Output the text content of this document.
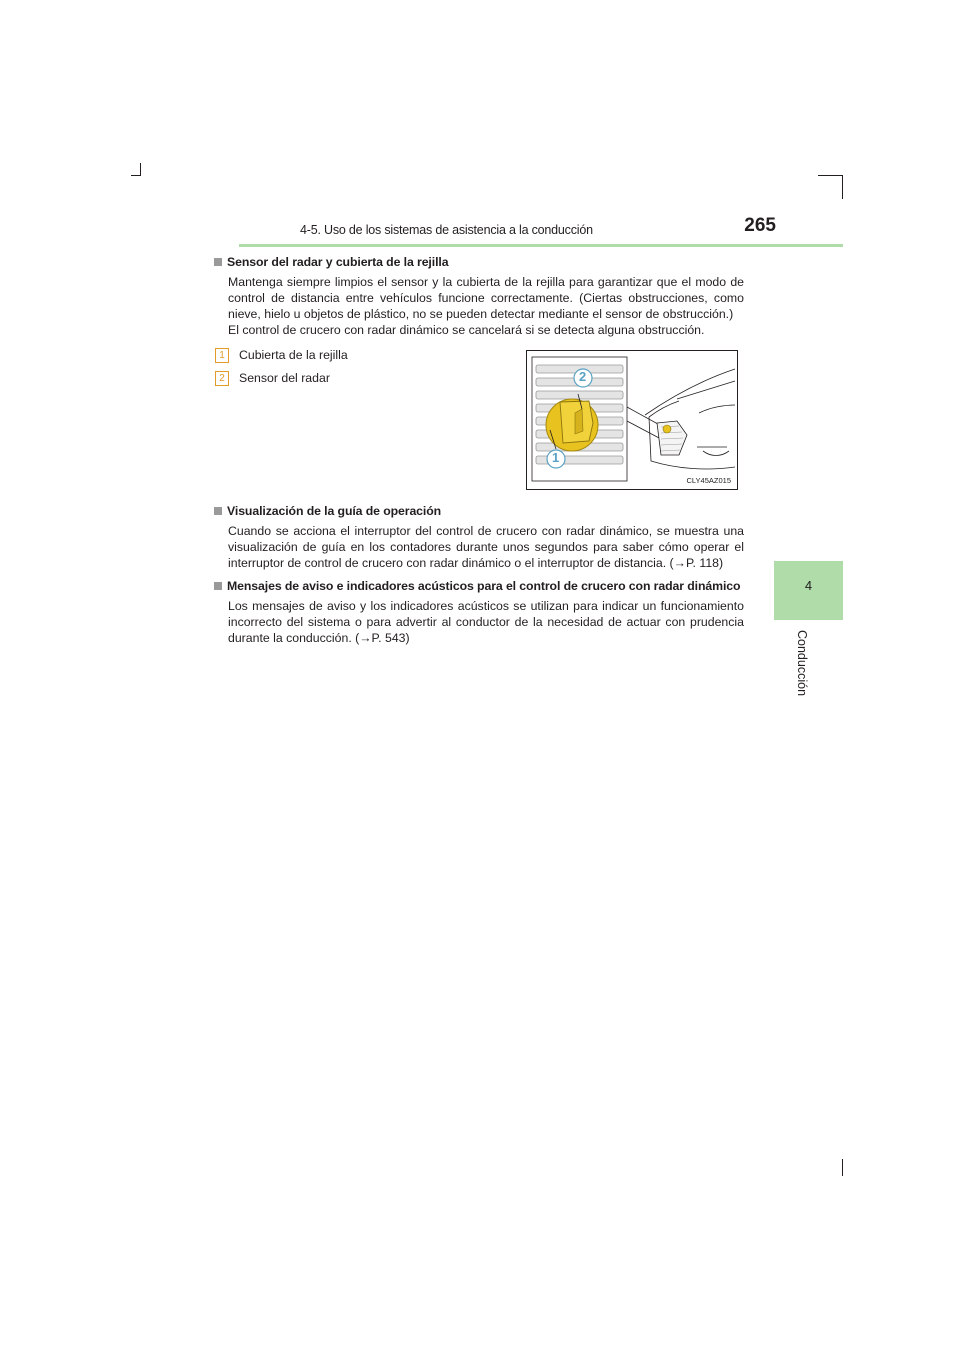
4-5. Uso de los sistemas de asistencia a la conducción	265
4
Conducción
Sensor del radar y cubierta de la rejilla
Mantenga siempre limpios el sensor y la cubierta de la rejilla para garantizar que el modo de
control de distancia entre vehículos funcione correctamente. (Ciertas obstrucciones, como
nieve, hielo u objetos de plástico, no se pueden detectar mediante el sensor de obstrucción.)
El control de crucero con radar dinámico se cancelará si se detecta alguna obstrucción.
1 Cubierta de la rejilla
2 Sensor del radar	2
1
CLY45AZ015
Visualización de la guía de operación
Cuando se acciona el interruptor del control de crucero con radar dinámico, se muestra una
visualización de guía en los contadores durante unos segundos para saber cómo operar el
interruptor de control de crucero con radar dinámico o el interruptor de distancia. (→P. 118)
Mensajes de aviso e indicadores acústicos para el control de crucero con radar dinámico
Los mensajes de aviso y los indicadores acústicos se utilizan para indicar un funcionamiento
incorrecto del sistema o para advertir al conductor de la necesidad de actuar con prudencia
durante la conducción. (→P. 543)
